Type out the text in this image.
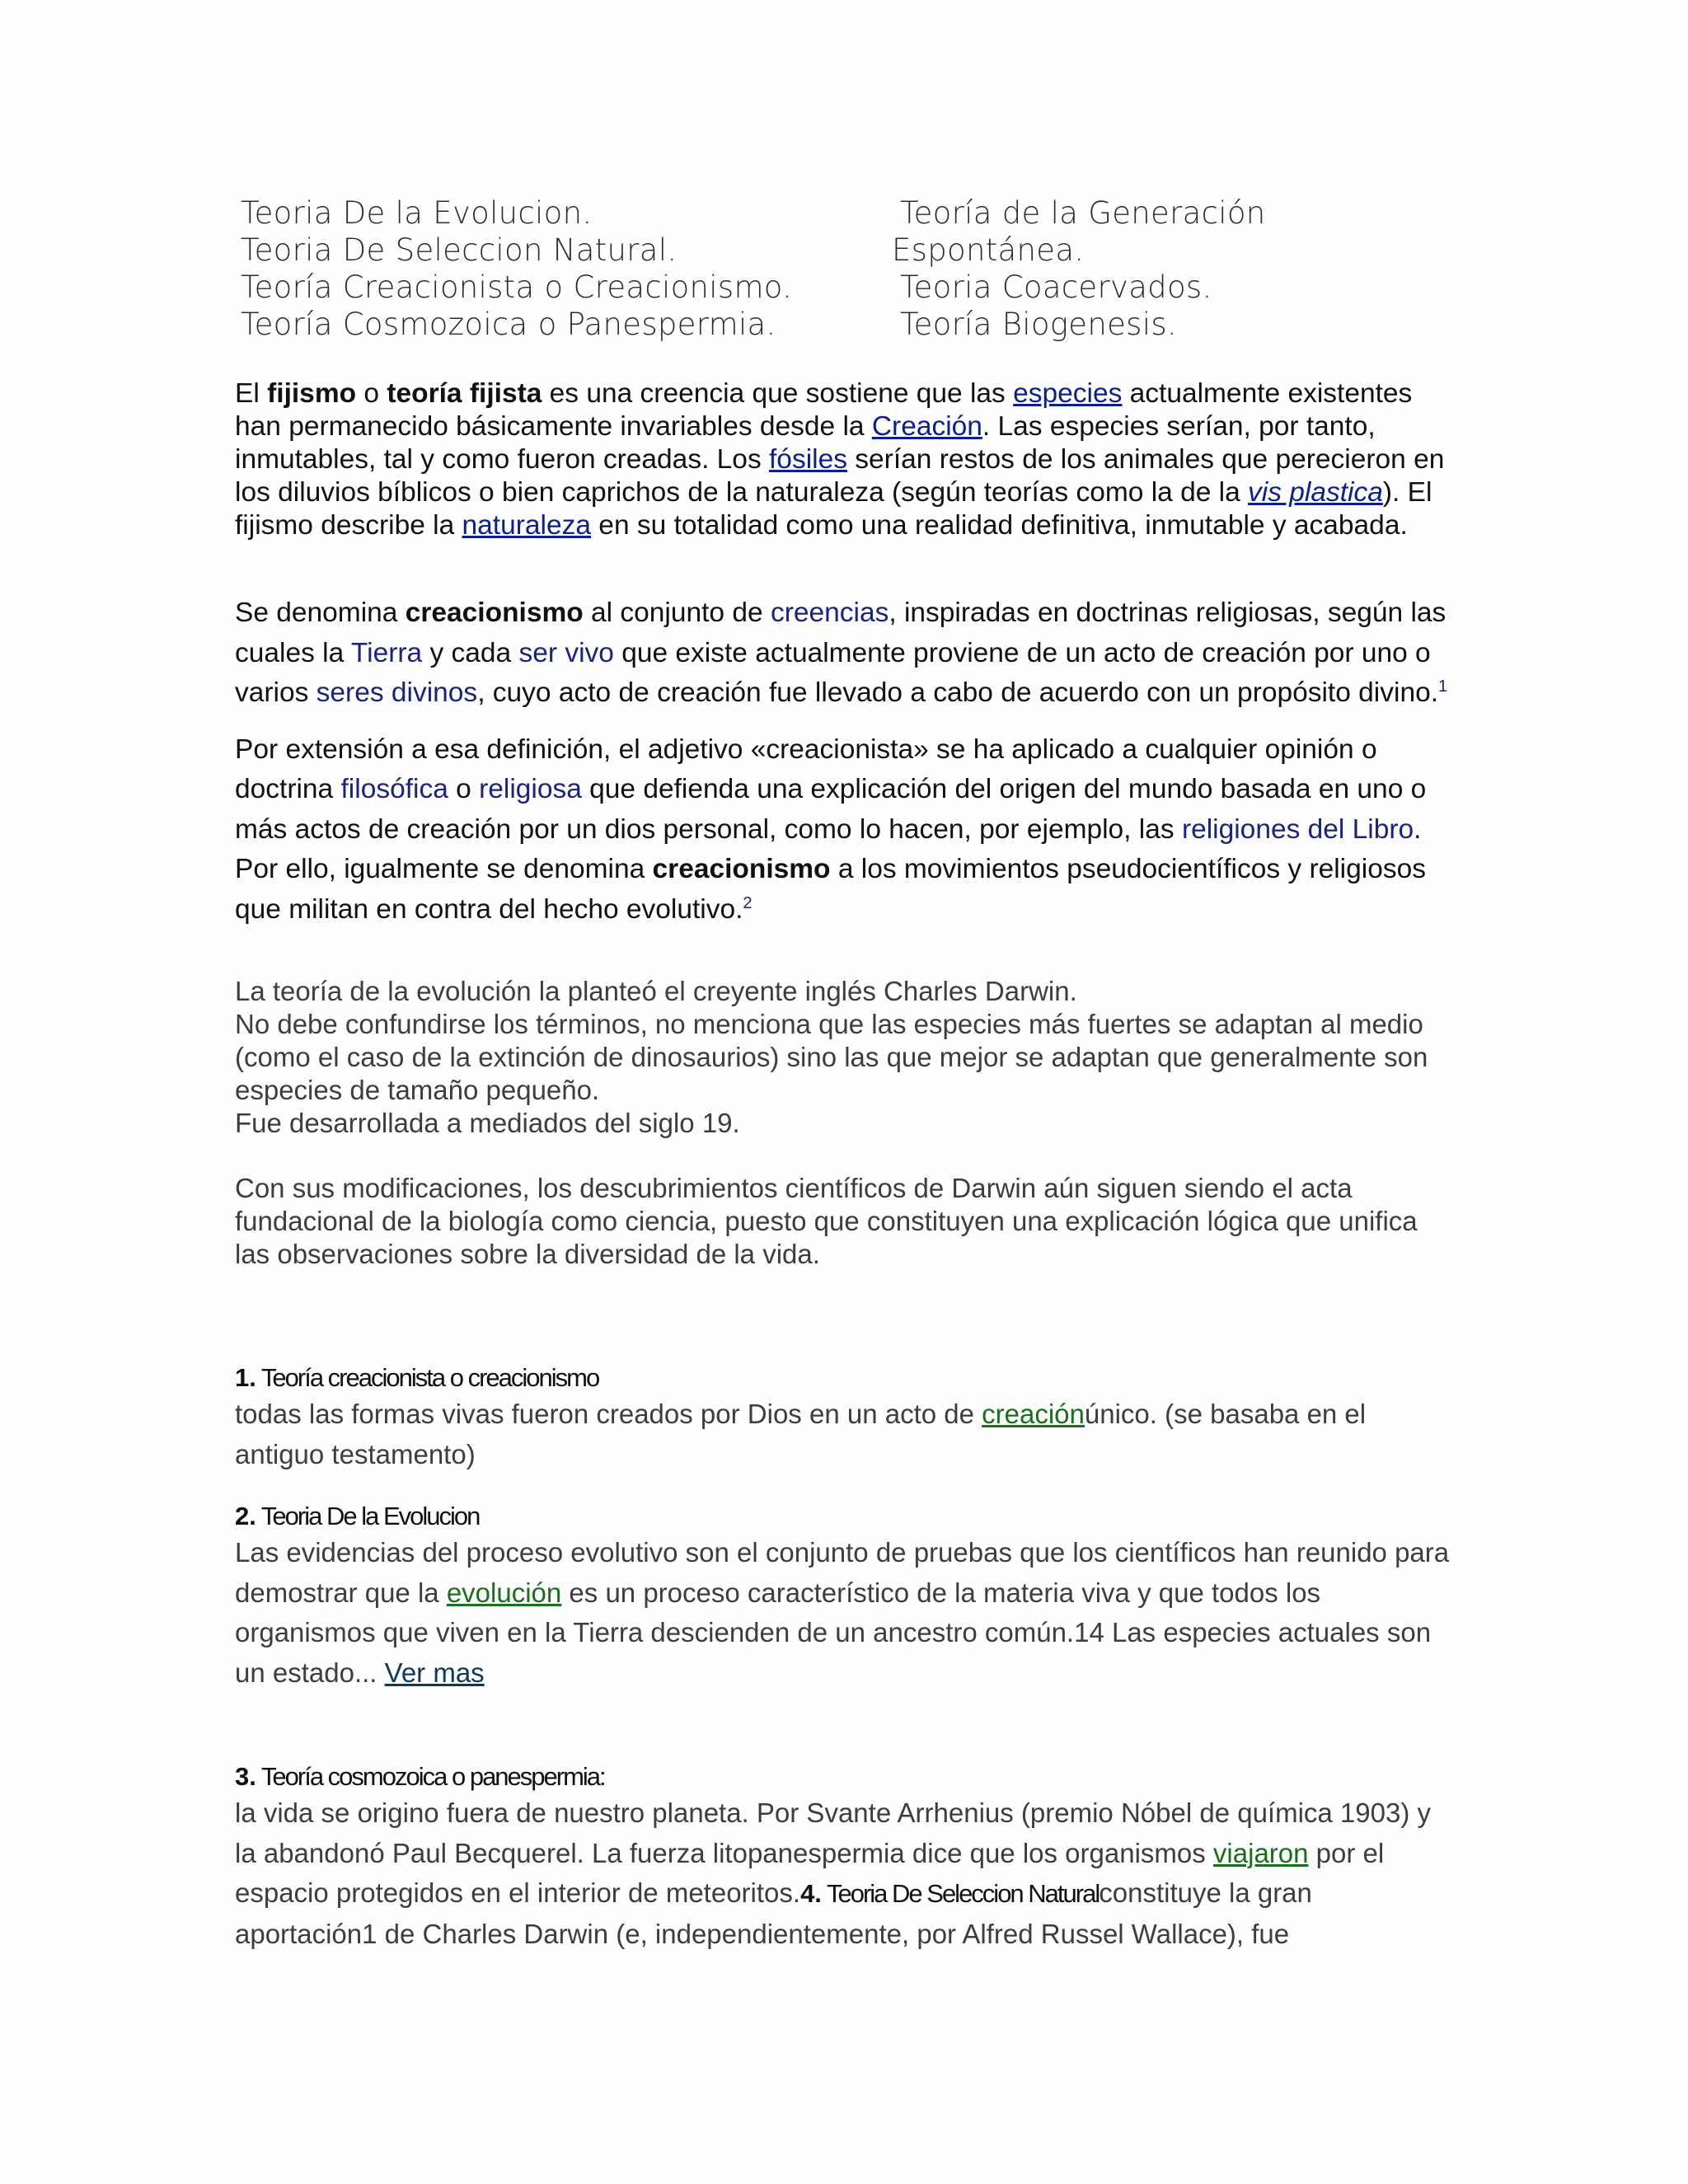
Teoria De la Evolucion.
Teoria De Seleccion Natural.
Teoría Creacionista o Creacionismo.
Teoría Cosmozoica o Panespermia.
Teoría de la Generación
Espontánea.
Teoria Coacervados.
Teoría Biogenesis.
El fijismo o teoría fijista es una creencia que sostiene que las especies actualmente existentes han permanecido básicamente invariables desde la Creación. Las especies serían, por tanto, inmutables, tal y como fueron creadas. Los fósiles serían restos de los animales que perecieron en los diluvios bíblicos o bien caprichos de la naturaleza (según teorías como la de la vis plastica). El fijismo describe la naturaleza en su totalidad como una realidad definitiva, inmutable y acabada.

Se denomina creacionismo al conjunto de creencias, inspiradas en doctrinas religiosas, según las cuales la Tierra y cada ser vivo que existe actualmente proviene de un acto de creación por uno o varios seres divinos, cuyo acto de creación fue llevado a cabo de acuerdo con un propósito divino.$^1$

Por extensión a esa definición, el adjetivo «creacionista» se ha aplicado a cualquier opinión o doctrina filosófica o religiosa que defienda una explicación del origen del mundo basada en uno o más actos de creación por un dios personal, como lo hacen, por ejemplo, las religiones del Libro. Por ello, igualmente se denomina creacionismo a los movimientos pseudocientíficos y religiosos que militan en contra del hecho evolutivo.$^2$

La teoría de la evolución la planteó el creyente inglés Charles Darwin.
No debe confundirse los términos, no menciona que las especies más fuertes se adaptan al medio (como el caso de la extinción de dinosaurios) sino las que mejor se adaptan que generalmente son especies de tamaño pequeño.
Fue desarrollada a mediados del siglo 19.
Con sus modificaciones, los descubrimientos científicos de Darwin aún siguen siendo el acta fundacional de la biología como ciencia, puesto que constituyen una explicación lógica que unifica las observaciones sobre la diversidad de la vida.
1. Teoría creacionista o creacionismo
todas las formas vivas fueron creados por Dios en un acto de creaciónúnico. (se basaba en el antiguo testamento)
2. Teoria De la Evolucion
Las evidencias del proceso evolutivo son el conjunto de pruebas que los científicos han reunido para demostrar que la evolución es un proceso característico de la materia viva y que todos los organismos que viven en la Tierra descienden de un ancestro común.14 Las especies actuales son un estado... Ver mas
3. Teoría cosmozoica o panespermia:
la vida se origino fuera de nuestro planeta. Por Svante Arrhenius (premio Nóbel de química 1903) y la abandonó Paul Becquerel. La fuerza litopanespermia dice que los organismos viajaron por el espacio protegidos en el interior de meteoritos.4. Teoria De Seleccion Naturalconstituye la gran aportación1 de Charles Darwin (e, independientemente, por Alfred Russel Wallace), fue
